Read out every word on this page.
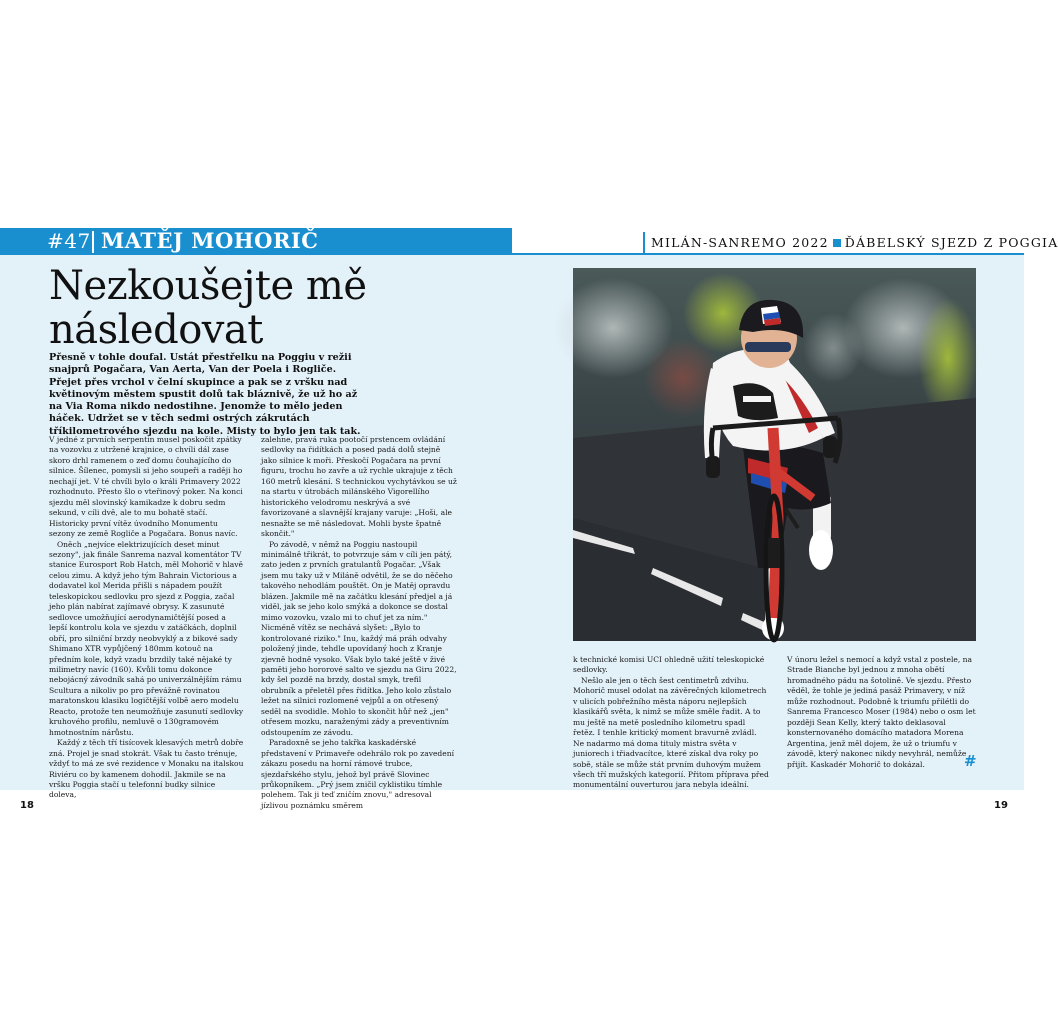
#47 MATĚJ MOHORIČ	MILÁN-SANREMO 2022 ĎÁBELSKÝ SJEZD Z POGGIA
Nezkoušejte mě
následovat
Přesně v tohle doufal. Ustát přestřelku na Poggiu v režii snajprů Pogačara, Van Aerta, Van der Poela i Rogliče. Přejet přes vrchol v čelní skupince a pak se z vršku nad květinovým městem spustit dolů tak bláznivě, že už ho až na Via Roma nikdo nedostihne. Jenomže to mělo jeden háček. Udržet se v těch sedmi ostrých zákrutách tříkilometrového sjezdu na kole. Misty to bylo jen tak tak.

V jedné z prvních serpentin musel poskočit zpátky na vozovku z utržené krajnice, o chvíli dál zase skoro drhl ramenem o zeď domu čouhajícího do silnice. Šílenec, pomysli si jeho soupeři a raději ho nechají jet. V té chvíli bylo o králi Primavery 2022 rozhodnuto. Přesto šlo o vteřinový poker. Na konci sjezdu měl slovinský kamikadze k dobru sedm sekund, v cíli dvě, ale to mu bohatě stačí. Historicky první vítěz úvodního Monumentu sezony ze země Rogliče a Pogačara. Bonus navíc.

Oněch „nejvíce elektrizujících deset minut sezony", jak finále Sanrema nazval komentátor TV stanice Eurosport Rob Hatch, měl Mohorič v hlavě celou zimu. A když jeho tým Bahrain Victorious a dodavatel kol Merida přišli s nápadem použít teleskopickou sedlovku pro sjezd z Poggia, začal jeho plán nabírat zajímavé obrysy. K zasunuté sedlovce umožňující aerodynamičtější posed a lepší kontrolu kola ve sjezdu v zatáčkách, doplnil obří, pro silniční brzdy neobvyklý a z bikové sady Shimano XTR vypůjčený 180mm kotouč na předním kole, když vzadu brzdily také nějaké ty milimetry navíc (160). Kvůli tomu dokonce nebojácný závodník sahá po univerzálnějším rámu Scultura a nikoliv po pro převážně rovinatou maratonskou klasiku logičtější volbě aero modelu Reacto, protože ten neumožňuje zasunutí sedlovky kruhového profilu, nemluvě o 130gramovém hmotnostním nárůstu.

Každý z těch tří tisícovek klesavých metrů dobře zná. Projel je snad stokrát. Však tu často trénuje, vždyť to má ze své rezidence v Monaku na italskou Riviéru co by kamenem dohodil. Jakmile se na vršku Poggia stačí u telefonní budky silnice doleva,

zalehne, pravá ruka pootočí prstencem ovládání sedlovky na řidítkách a posed padá dolů stejně jako silnice k moři. Přeskočí Pogačara na první figuru, trochu ho zavře a už rychle ukrajuje z těch 160 metrů klesání. S technickou vychytávkou se už na startu v útrobách milánského Vigorellího historického velodromu neskrývá a své favorizované a slavnější krajany varuje: „Hoši, ale nesnažte se mě následovat. Mohli byste špatně skončit."

Po závodě, v němž na Poggiu nastoupil minimálně třikrát, to potvrzuje sám v cíli jen pátý, zato jeden z prvních gratulantů Pogačar. „Však jsem mu taky už v Miláně odvětil, že se do něčeho takového nehodlám pouštět. On je Matěj opravdu blázen. Jakmile mě na začátku klesání předjel a já viděl, jak se jeho kolo smýká a dokonce se dostal mimo vozovku, vzalo mi to chuť jet za ním." Nicméně vítěz se nechává slyšet: „Bylo to kontrolované riziko." Inu, každý má práh odvahy položený jinde, tehdle upovídaný hoch z Kranje zjevně hodně vysoko. Však bylo také ještě v živé paměti jeho hororové salto ve sjezdu na Giru 2022, kdy šel pozdě na brzdy, dostal smyk, trefil obrubník a přeletěl přes řidítka. Jeho kolo zůstalo ležet na silnici rozlomené vejpůl a on otřesený seděl na svodidle. Mohlo to skončit hůř než „jen" otřesem mozku, naraženými zády a preventivním odstoupením ze závodu.

Paradoxně se jeho takřka kaskadérské představení v Primaveře odehrálo rok po zavedení zákazu posedu na horní rámové trubce, sjezdařského stylu, jehož byl právě Slovinec průkopníkem. „Prý jsem zničil cyklistiku tímhle polehem. Tak ji teď zničím znovu," adresoval jízlivou poznámku směrem

k technické komisi UCI ohledně užití teleskopické sedlovky.

Nešlo ale jen o těch šest centimetrů zdvihu. Mohorič musel odolat na závěrečných kilometrech v ulicích pobřežního města náporu nejlepších klasikářů světa, k nimž se může směle řadit. A to mu ještě na metě posledního kilometru spadl řetěz. I tenhle kritický moment bravurně zvládl. Ne nadarmo má doma tituly mistra světa v juniorech i třiadvacítce, které získal dva roky po sobě, stále se může stát prvním duhovým mužem všech tří mužských kategorií. Přitom příprava před monumentální ouverturou jara nebyla ideální.

V únoru ležel s nemocí a když vstal z postele, na Strade Bianche byl jednou z mnoha obětí hromadného pádu na šotolině. Ve sjezdu. Přesto věděl, že tohle je jediná pasáž Primavery, v níž může rozhodnout. Podobně k triumfu přilétli do Sanrema Francesco Moser (1984) nebo o osm let později Sean Kelly, který takto deklasoval konsternovaného domácího matadora Morena Argentina, jenž měl dojem, že už o triumfu v závodě, který nakonec nikdy nevyhrál, nemůže přijít. Kaskadér Mohorič to dokázal.	#
18	19
